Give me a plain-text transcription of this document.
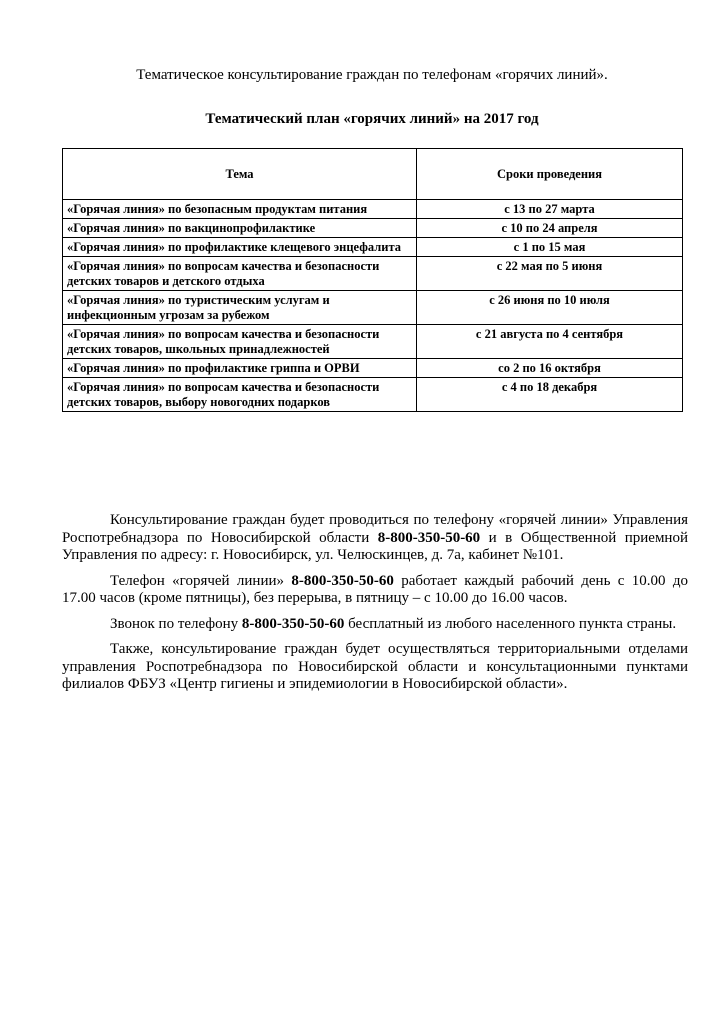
Тематическое консультирование граждан по телефонам «горячих линий».

Тематический план «горячих линий» на 2017 год

Тема	Сроки проведения
«Горячая линия» по безопасным продуктам питания	с 13 по 27 марта
«Горячая линия» по вакцинопрофилактике	с 10 по 24 апреля
«Горячая линия» по профилактике клещевого энцефалита	с 1 по 15 мая
«Горячая линия» по вопросам качества и безопасности детских товаров и детского отдыха	с 22 мая по 5 июня
«Горячая линия» по туристическим услугам и инфекционным угрозам за рубежом	с 26 июня по 10 июля
«Горячая линия» по вопросам качества и безопасности детских товаров, школьных принадлежностей	с 21 августа по 4 сентября
«Горячая линия» по профилактике гриппа и ОРВИ	со 2 по 16 октября
«Горячая линия» по вопросам качества и безопасности детских товаров, выбору новогодних подарков	с 4 по 18 декабря

Консультирование граждан будет проводиться по телефону «горячей линии» Управления Роспотребнадзора по Новосибирской области 8-800-350-50-60 и в Общественной приемной Управления по адресу: г. Новосибирск, ул. Челюскинцев, д. 7а, кабинет №101.

Телефон «горячей линии» 8-800-350-50-60 работает каждый рабочий день с 10.00 до 17.00 часов (кроме пятницы), без перерыва, в пятницу – с 10.00 до 16.00 часов.

Звонок по телефону 8-800-350-50-60 бесплатный из любого населенного пункта страны.

Также, консультирование граждан будет осуществляться территориальными отделами управления Роспотребнадзора по Новосибирской области и консультационными пунктами филиалов ФБУЗ «Центр гигиены и эпидемиологии в Новосибирской области».
